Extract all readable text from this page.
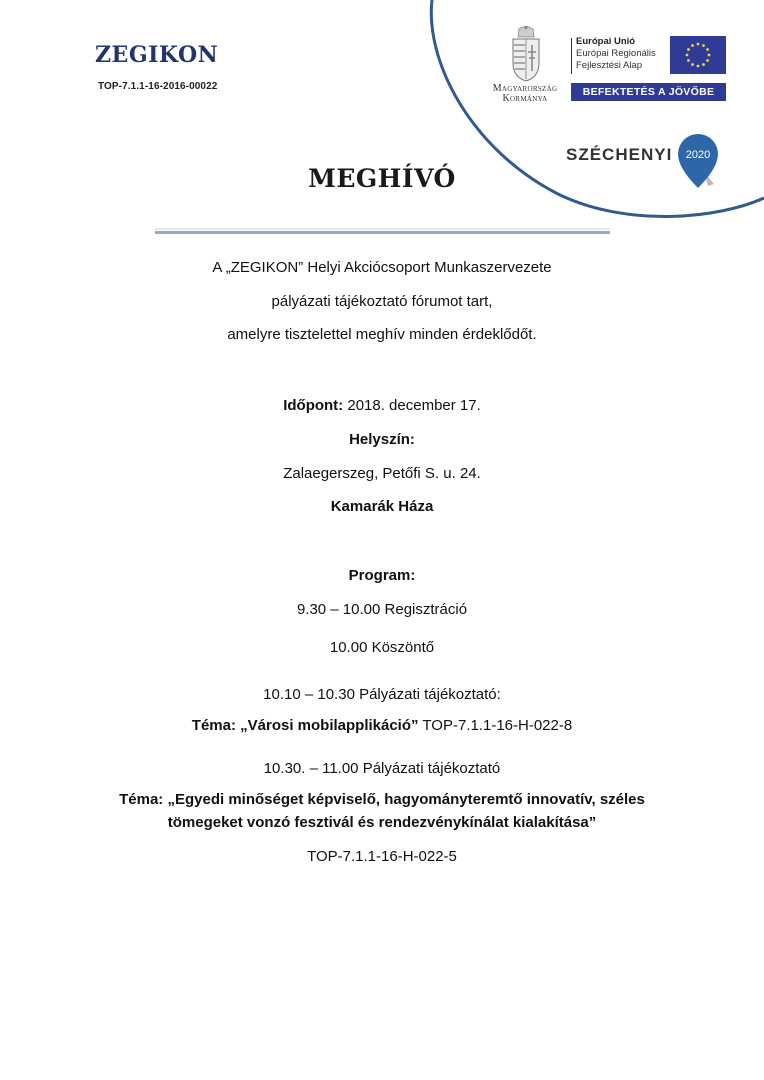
ZEGIKON
TOP-7.1.1-16-2016-00022	Magyarország
Kormánya
Európai Unió
Európai Regionális
Fejlesztési Alap
BEFEKTETÉS A JÖVŐBE
SZÉCHENYI 2020
MEGHÍVÓ
A „ZEGIKON” Helyi Akciócsoport Munkaszervezete
pályázati tájékoztató fórumot tart,
amelyre tisztelettel meghív minden érdeklődőt.
Időpont: 2018. december 17.
Helyszín:
Zalaegerszeg, Petőfi S. u. 24.
Kamarák Háza
Program:
9.30 – 10.00 Regisztráció
10.00 Köszöntő
10.10 – 10.30 Pályázati tájékoztató:
Téma: „Városi mobilapplikáció” TOP-7.1.1-16-H-022-8
10.30. – 11.00 Pályázati tájékoztató
Téma: „Egyedi minőséget képviselő, hagyományteremtő innovatív, széles
tömegeket vonzó fesztivál és rendezvénykínálat kialakítása”
TOP-7.1.1-16-H-022-5
